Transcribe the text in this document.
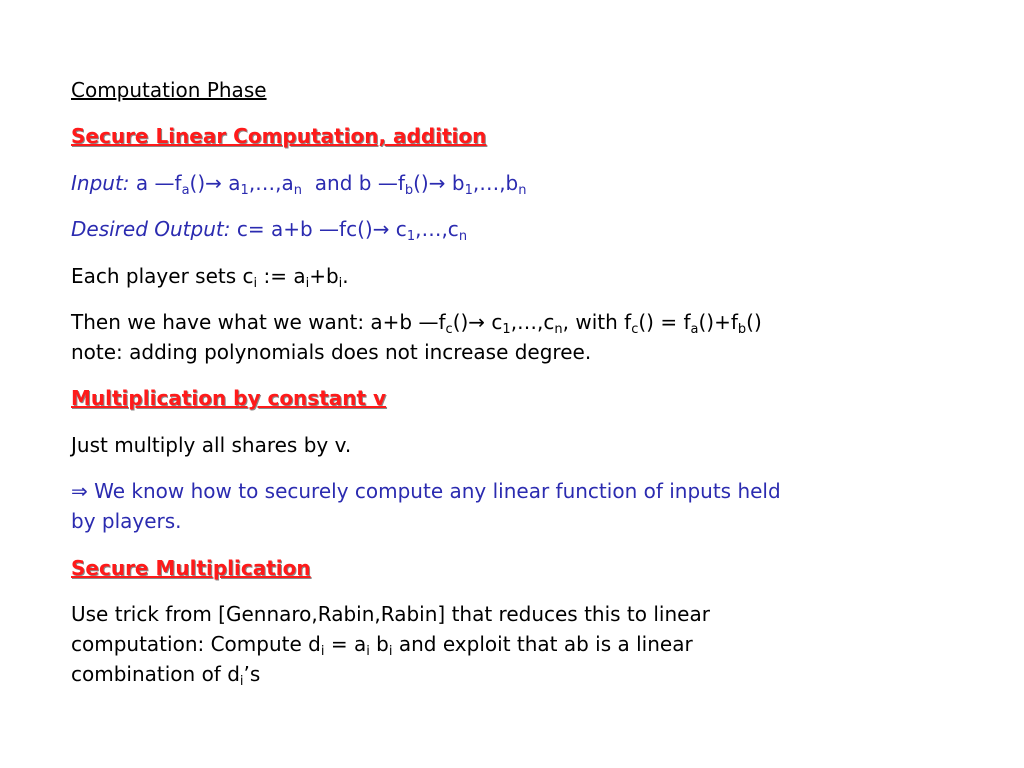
Computation Phase
Secure Linear Computation, addition
Input: a $—f_a()\to$ $a_1,\dots,a_n$  and b $—f_b()\to$ $b_1,\dots,b_n$
Desired Output: c= a+b —fc()→ $c_1,\dots,c_n$
Each player sets $c_i$ := $a_i+b_i$.
Then we have what we want: a+b $—f_c()\to$ $c_1,\dots,c_n$, with $f_c() = f_a()+f_b()$
note: adding polynomials does not increase degree.
Multiplication by constant v
Just multiply all shares by v.
⇒ We know how to securely compute any linear function of inputs held
by players.
Secure Multiplication
Use trick from [Gennaro,Rabin,Rabin] that reduces this to linear
computation: Compute $d_i = a_i$ $b_i$ and exploit that ab is a linear
combination of $d_i’s$
